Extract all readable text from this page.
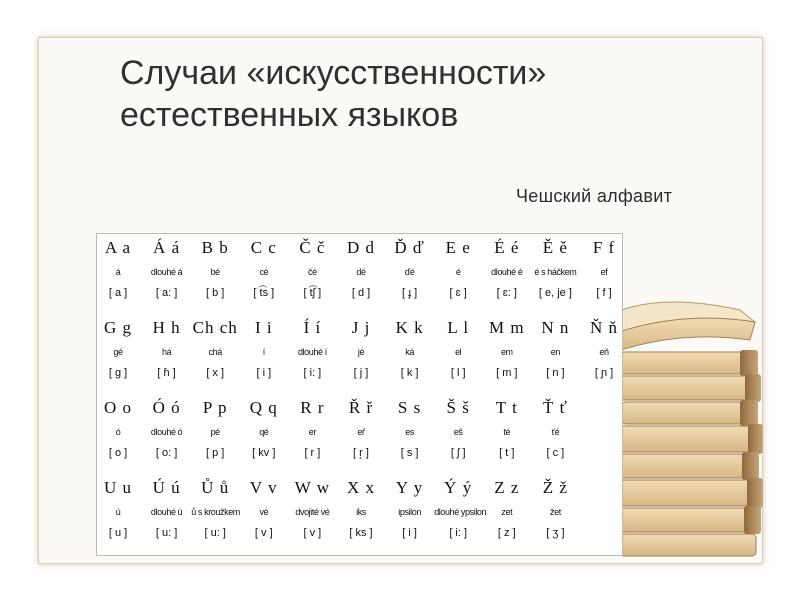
Случаи «искусственности»
естественных языков
Чешский алфавит
A a
á
[ a ]
Á á
dlouhé á
[ a: ]
B b
bé
[ b ]
C c
cé
[ t͡s ]
Č č
čé
[ t͡ʃ ]
D d
dé
[ d ]
Ď ď
ďé
[ ɟ ]
E e
é
[ ɛ ]
É é
dlouhé é
[ ɛ: ]
Ě ě
é s háčkem
[ e, je ]
F f
ef
[ f ]
G g
gé
[ g ]
H h
há
[ ɦ ]
Ch ch
chá
[ x ]
I i
í
[ i ]
Í í
dlouhé í
[ i: ]
J j
jé
[ j ]
K k
ká
[ k ]
L l
el
[ l ]
M m
em
[ m ]
N n
en
[ n ]
Ň ň
eň
[ ɲ ]
O o
ó
[ o ]
Ó ó
dlouhé ó
[ o: ]
P p
pé
[ p ]
Q q
qé
[ kv ]
R r
er
[ r ]
Ř ř
eř
[ r̝ ]
S s
es
[ s ]
Š š
eš
[ ʃ ]
T t
té
[ t ]
Ť ť
ťé
[ c ]
U u
ú
[ u ]
Ú ú
dlouhé ú
[ u: ]
Ů ů
ů s kroužkem
[ u: ]
V v
vé
[ v ]
W w
dvojité vé
[ v ]
X x
iks
[ ks ]
Y y
ipsilon
[ i ]
Ý ý
dlouhé ypsilon
[ i: ]
Z z
zet
[ z ]
Ž ž
žet
[ ʒ ]
